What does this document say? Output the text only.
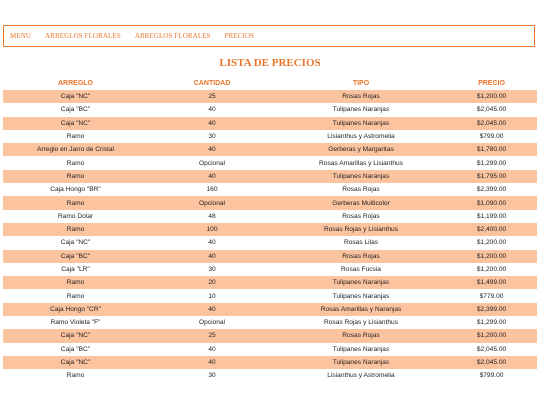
MENU ARREGLOS FLORALES ARREGLOS FLORALES PRECIOS
LISTA DE PRECIOS
ARREGLO	CANTIDAD	TIPO	PRECIO
Caja "NC"	25	Rosas Rojas	$1,200.00
Caja "BC"	40	Tulipanes Naranjas	$2,045.00
Caja "NC"	40	Tulipanes Naranjas	$2,045.00
Ramo	30	Lisianthus y Astromelia	$799.00
Arreglo en Jarro de Cristal	40	Gerberas y Margaritas	$1,780.00
Ramo	Opcional	Rosas Amarillas y Lisianthus	$1,299.00
Ramo	40	Tulipanes Naranjas	$1,795.00
Caja Hongo "BR"	160	Rosas Rojas	$2,399.00
Ramo	Opcional	Gerberas Multicolor	$1,090.00
Ramo Dolar	48	Rosas Rojas	$1,199.00
Ramo	100	Rosas Rojas y Lisianthus	$2,400.00
Caja "NC"	40	Rosas Lilas	$1,200.00
Caja "BC"	40	Rosas Rojas	$1,200.00
Caja "LR"	30	Rosas Fucsia	$1,200.00
Ramo	20	Tulipanes Naranjas	$1,499.00
Ramo	10	Tulipanes Naranjas	$779.00
Caja Hongo "CR"	40	Rosas Amarillas y Naranjas	$2,399.00
Ramo Violeta "F"	Opcional	Rosas Rojas y Lisianthus	$1,299.00
Caja "NC"	25	Rosas Rojas	$1,200.00
Caja "BC"	40	Tulipanes Naranjas	$2,045.00
Caja "NC"	40	Tulipanes Naranjas	$2,045.00
Ramo	30	Lisianthus y Astromelia	$799.00
